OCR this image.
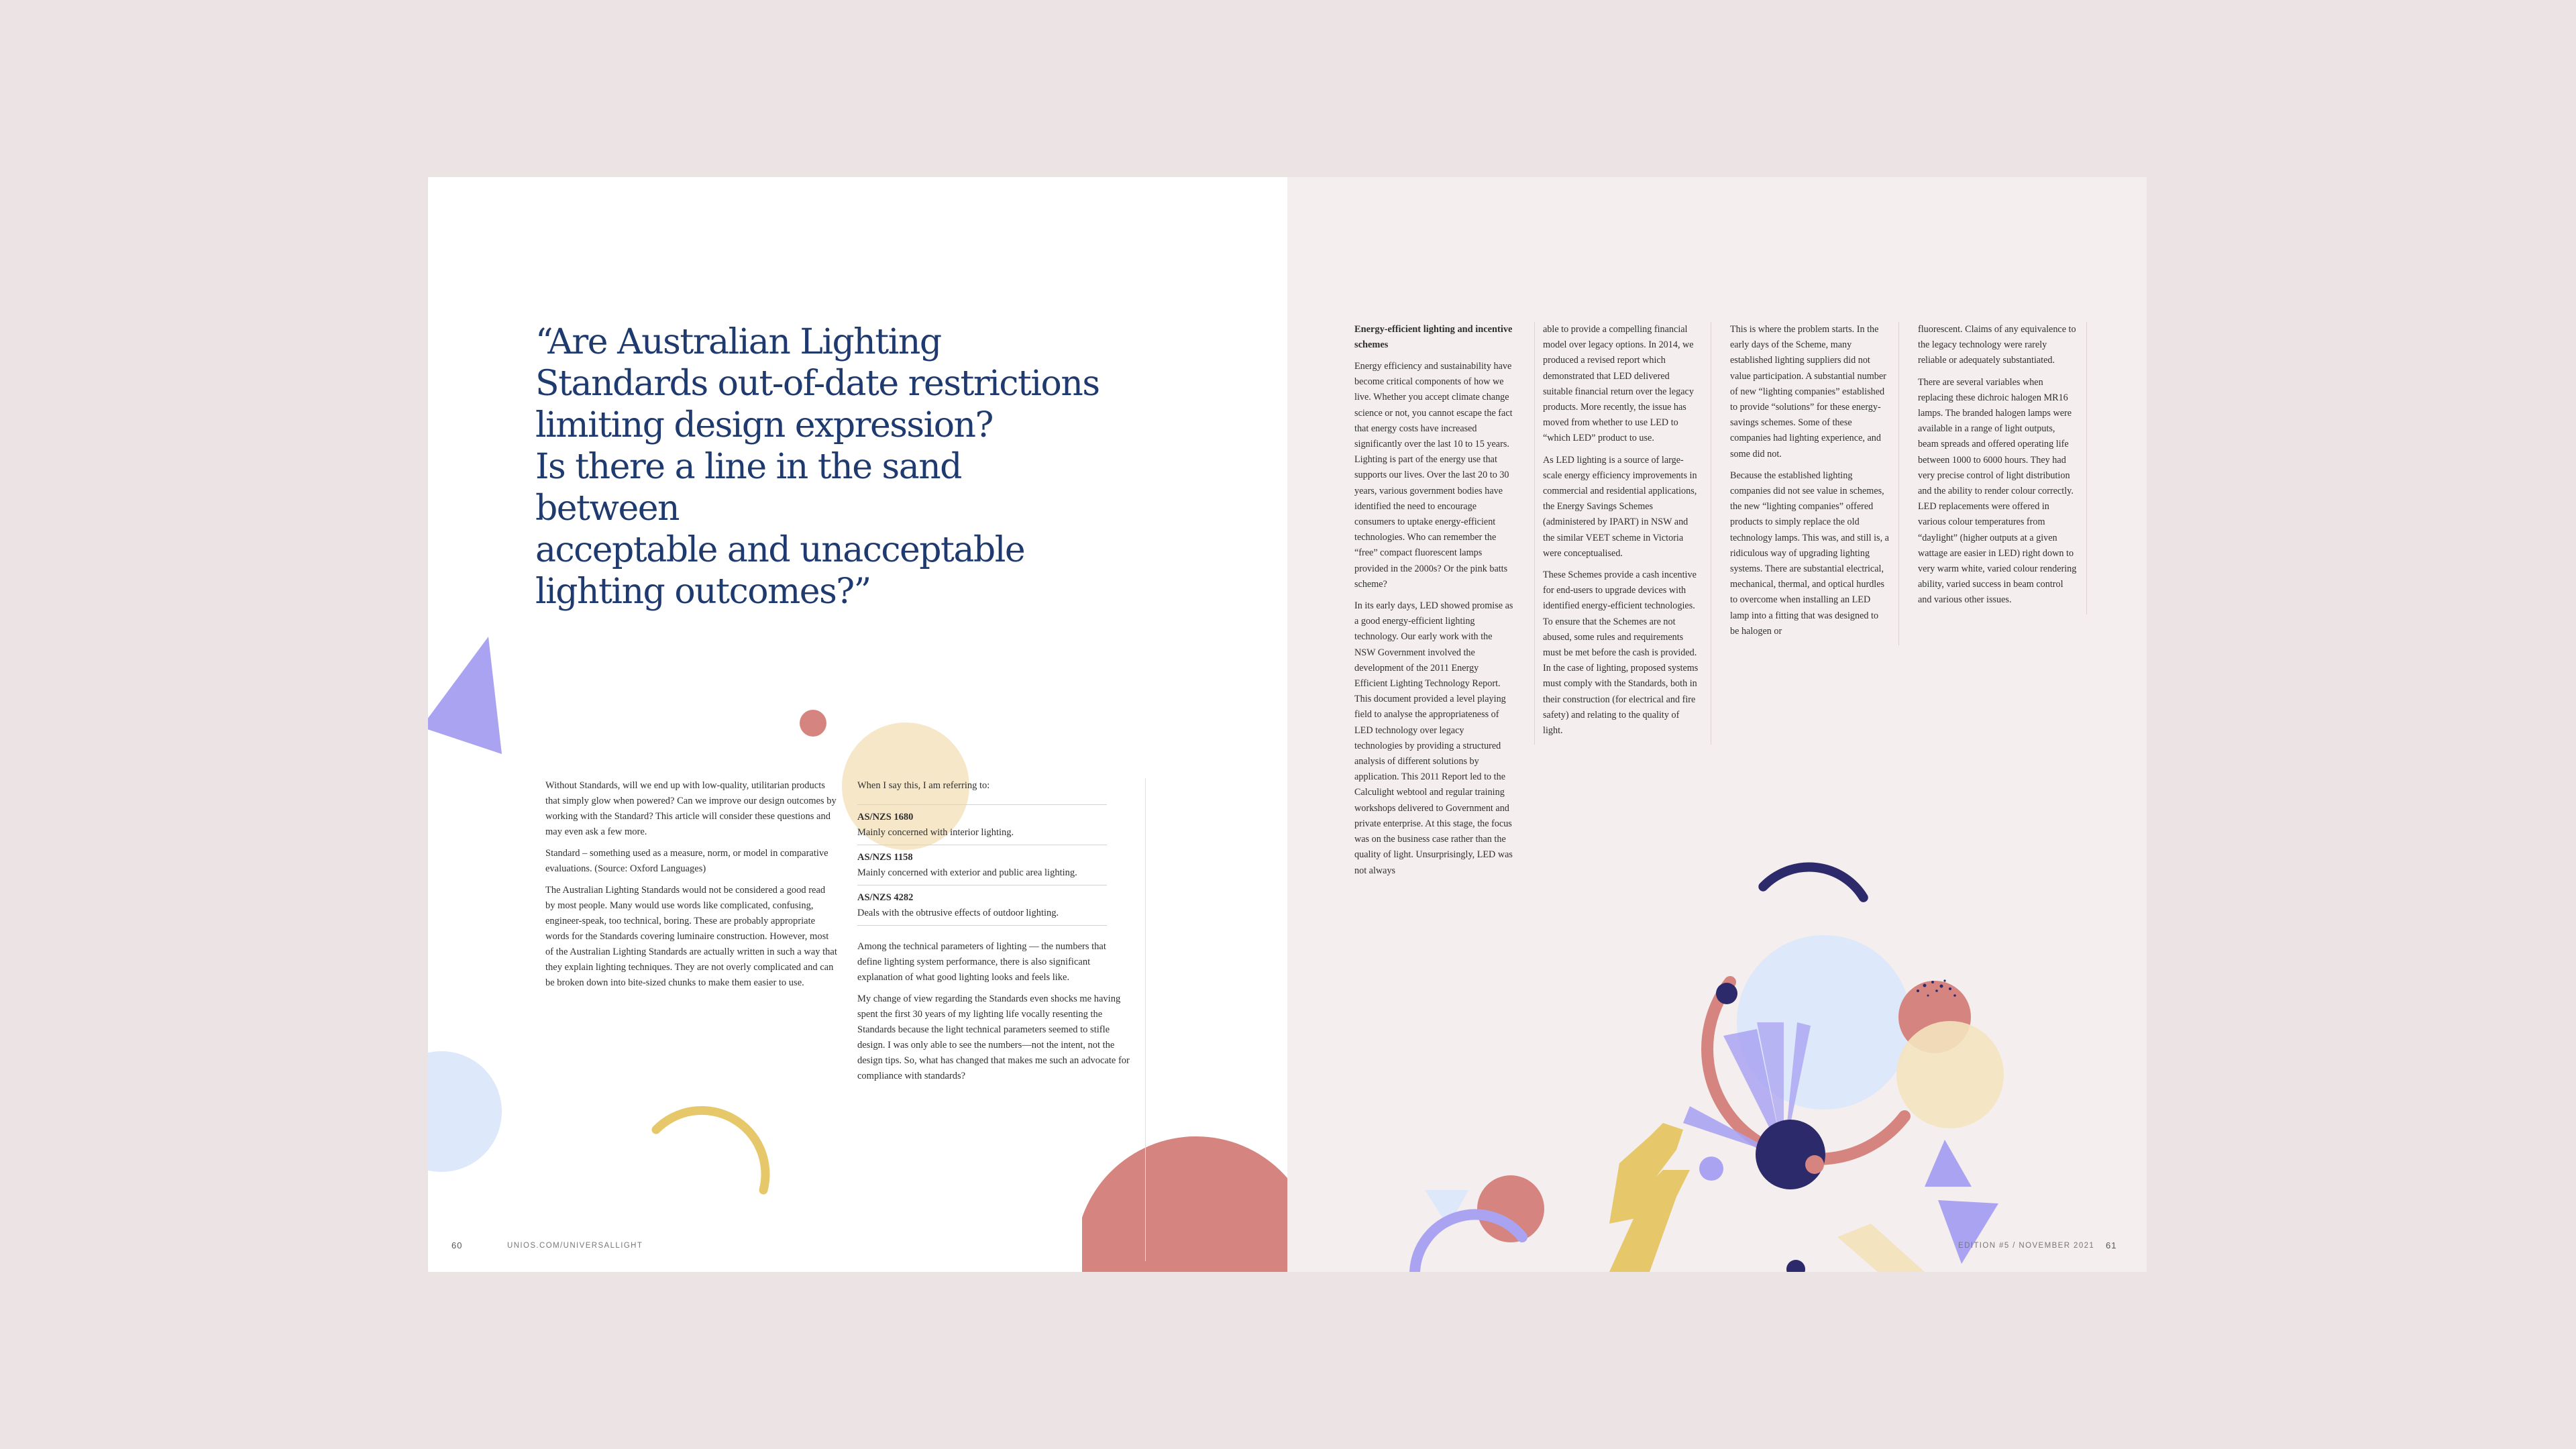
“Are Australian Lighting
Standards out-of-date restrictions
limiting design expression?
Is there a line in the sand between
acceptable and unacceptable
lighting outcomes?”

Without Standards, will we end up with low-quality, utilitarian products that simply glow when powered? Can we improve our design outcomes by working with the Standard? This article will consider these questions and may even ask a few more.

Standard – something used as a measure, norm, or model in comparative evaluations. (Source: Oxford Languages)

The Australian Lighting Standards would not be considered a good read by most people. Many would use words like complicated, confusing, engineer-speak, too technical, boring. These are probably appropriate words for the Standards covering luminaire construction. However, most of the Australian Lighting Standards are actually written in such a way that they explain lighting techniques. They are not overly complicated and can be broken down into bite-sized chunks to make them easier to use.

When I say this, I am referring to:

AS/NZS 1680
Mainly concerned with interior lighting.
AS/NZS 1158
Mainly concerned with exterior and public area lighting.
AS/NZS 4282
Deals with the obtrusive effects of outdoor lighting.

Among the technical parameters of lighting — the numbers that define lighting system performance, there is also significant explanation of what good lighting looks and feels like.

My change of view regarding the Standards even shocks me having spent the first 30 years of my lighting life vocally resenting the Standards because the light technical parameters seemed to stifle design. I was only able to see the numbers—not the intent, not the design tips. So, what has changed that makes me such an advocate for compliance with standards?

60	UNIOS.COM/UNIVERSALLIGHT
Energy-efficient lighting and incentive schemes

Energy efficiency and sustainability have become critical components of how we live. Whether you accept climate change science or not, you cannot escape the fact that energy costs have increased significantly over the last 10 to 15 years. Lighting is part of the energy use that supports our lives. Over the last 20 to 30 years, various government bodies have identified the need to encourage consumers to uptake energy-efficient technologies. Who can remember the “free” compact fluorescent lamps provided in the 2000s? Or the pink batts scheme?

In its early days, LED showed promise as a good energy-efficient lighting technology. Our early work with the NSW Government involved the development of the 2011 Energy Efficient Lighting Technology Report. This document provided a level playing field to analyse the appropriateness of LED technology over legacy technologies by providing a structured analysis of different solutions by application. This 2011 Report led to the Calculight webtool and regular training workshops delivered to Government and private enterprise. At this stage, the focus was on the business case rather than the quality of light. Unsurprisingly, LED was not always

able to provide a compelling financial model over legacy options. In 2014, we produced a revised report which demonstrated that LED delivered suitable financial return over the legacy products. More recently, the issue has moved from whether to use LED to “which LED” product to use.

As LED lighting is a source of large-scale energy efficiency improvements in commercial and residential applications, the Energy Savings Schemes (administered by IPART) in NSW and the similar VEET scheme in Victoria were conceptualised.

These Schemes provide a cash incentive for end-users to upgrade devices with identified energy-efficient technologies. To ensure that the Schemes are not abused, some rules and requirements must be met before the cash is provided. In the case of lighting, proposed systems must comply with the Standards, both in their construction (for electrical and fire safety) and relating to the quality of light.

This is where the problem starts. In the early days of the Scheme, many established lighting suppliers did not value participation. A substantial number of new “lighting companies” established to provide “solutions” for these energy-savings schemes. Some of these companies had lighting experience, and some did not.

Because the established lighting companies did not see value in schemes, the new “lighting companies” offered products to simply replace the old technology lamps. This was, and still is, a ridiculous way of upgrading lighting systems. There are substantial electrical, mechanical, thermal, and optical hurdles to overcome when installing an LED lamp into a fitting that was designed to be halogen or

fluorescent. Claims of any equivalence to the legacy technology were rarely reliable or adequately substantiated.

There are several variables when replacing these dichroic halogen MR16 lamps. The branded halogen lamps were available in a range of light outputs, beam spreads and offered operating life between 1000 to 6000 hours. They had very precise control of light distribution and the ability to render colour correctly. LED replacements were offered in various colour temperatures from “daylight” (higher outputs at a given wattage are easier in LED) right down to very warm white, varied colour rendering ability, varied success in beam control and various other issues.

EDITION #5 / NOVEMBER 2021 61
